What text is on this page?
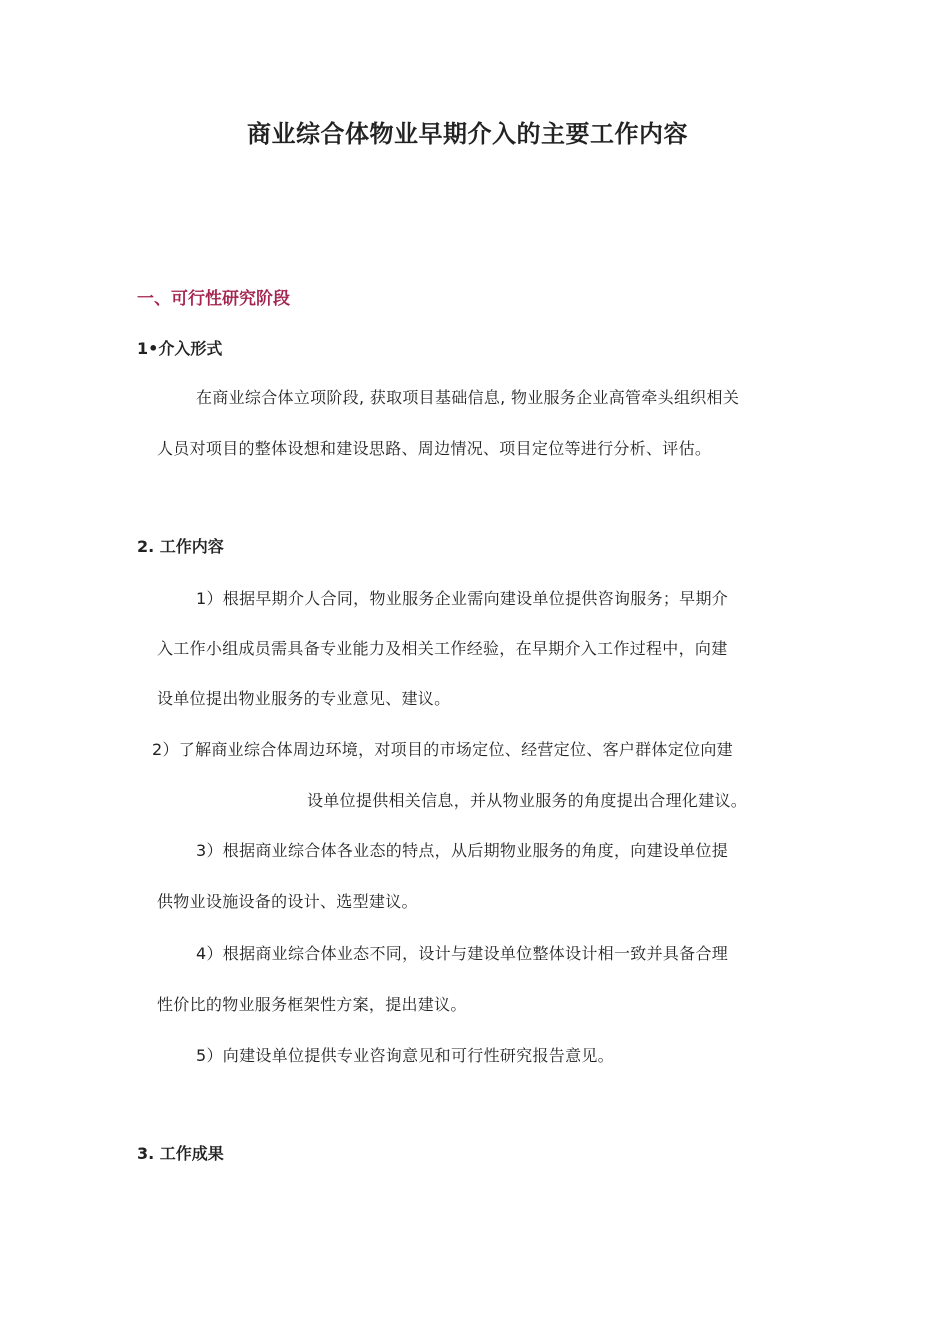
商业综合体物业早期介入的主要工作内容
一、可行性研究阶段
1•介入形式
在商业综合体立项阶段, 获取项目基础信息, 物业服务企业高管牵头组织相关
人员对项目的整体设想和建设思路、周边情况、项目定位等进行分析、评估。
2. 工作内容
1）根据早期介人合同，物业服务企业需向建设单位提供咨询服务；早期介
入工作小组成员需具备专业能力及相关工作经验，在早期介入工作过程中，向建
设单位提出物业服务的专业意见、建议。
2）了解商业综合体周边环境，对项目的市场定位、经营定位、客户群体定位向建
设单位提供相关信息，并从物业服务的角度提出合理化建议。
3）根据商业综合体各业态的特点，从后期物业服务的角度，向建设单位提
供物业设施设备的设计、选型建议。
4）根据商业综合体业态不同，设计与建设单位整体设计相一致并具备合理
性价比的物业服务框架性方案，提出建议。
5）向建设单位提供专业咨询意见和可行性研究报告意见。
3. 工作成果
